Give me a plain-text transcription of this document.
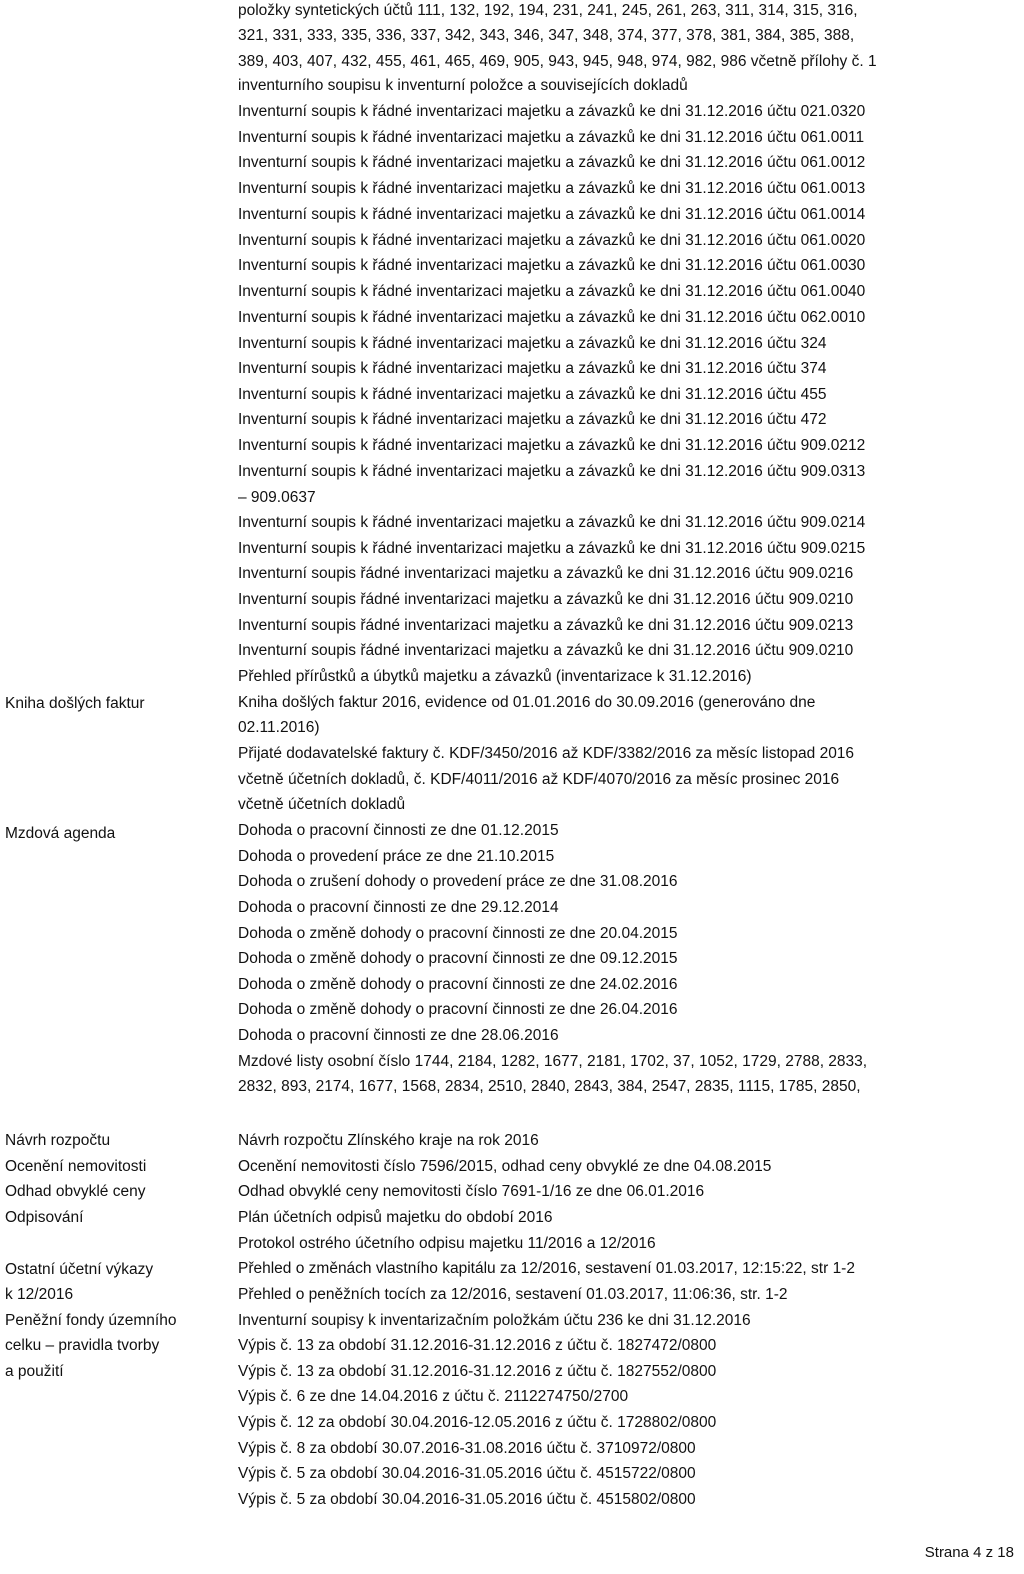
Kniha došlých faktur
Mzdová agenda
Návrh rozpočtu
Ocenění nemovitosti
Odhad obvyklé ceny
Odpisování
Ostatní účetní výkazy
k 12/2016
Peněžní fondy územního
celku – pravidla tvorby
a použití
položky syntetických účtů 111, 132, 192, 194, 231, 241, 245, 261, 263, 311, 314, 315, 316,
321, 331, 333, 335, 336, 337, 342, 343, 346, 347, 348, 374, 377, 378, 381, 384, 385, 388,
389, 403, 407, 432, 455, 461, 465, 469, 905, 943, 945, 948, 974, 982, 986 včetně přílohy č. 1
inventurního soupisu k inventurní položce a souvisejících dokladů
Inventurní soupis k řádné inventarizaci majetku a závazků ke dni 31.12.2016 účtu 021.0320
Inventurní soupis k řádné inventarizaci majetku a závazků ke dni 31.12.2016 účtu 061.0011
Inventurní soupis k řádné inventarizaci majetku a závazků ke dni 31.12.2016 účtu 061.0012
Inventurní soupis k řádné inventarizaci majetku a závazků ke dni 31.12.2016 účtu 061.0013
Inventurní soupis k řádné inventarizaci majetku a závazků ke dni 31.12.2016 účtu 061.0014
Inventurní soupis k řádné inventarizaci majetku a závazků ke dni 31.12.2016 účtu 061.0020
Inventurní soupis k řádné inventarizaci majetku a závazků ke dni 31.12.2016 účtu 061.0030
Inventurní soupis k řádné inventarizaci majetku a závazků ke dni 31.12.2016 účtu 061.0040
Inventurní soupis k řádné inventarizaci majetku a závazků ke dni 31.12.2016 účtu 062.0010
Inventurní soupis k řádné inventarizaci majetku a závazků ke dni 31.12.2016 účtu 324
Inventurní soupis k řádné inventarizaci majetku a závazků ke dni 31.12.2016 účtu 374
Inventurní soupis k řádné inventarizaci majetku a závazků ke dni 31.12.2016 účtu 455
Inventurní soupis k řádné inventarizaci majetku a závazků ke dni 31.12.2016 účtu 472
Inventurní soupis k řádné inventarizaci majetku a závazků ke dni 31.12.2016 účtu 909.0212
Inventurní soupis k řádné inventarizaci majetku a závazků ke dni 31.12.2016 účtu 909.0313
– 909.0637
Inventurní soupis k řádné inventarizaci majetku a závazků ke dni 31.12.2016 účtu 909.0214
Inventurní soupis k řádné inventarizaci majetku a závazků ke dni 31.12.2016 účtu 909.0215
Inventurní soupis řádné inventarizaci majetku a závazků ke dni 31.12.2016 účtu 909.0216
Inventurní soupis řádné inventarizaci majetku a závazků ke dni 31.12.2016 účtu 909.0210
Inventurní soupis řádné inventarizaci majetku a závazků ke dni 31.12.2016 účtu 909.0213
Inventurní soupis řádné inventarizaci majetku a závazků ke dni 31.12.2016 účtu 909.0210
Přehled přírůstků a úbytků majetku a závazků (inventarizace k 31.12.2016)
Kniha došlých faktur 2016, evidence od 01.01.2016 do 30.09.2016 (generováno dne
02.11.2016)
Přijaté dodavatelské faktury č. KDF/3450/2016 až KDF/3382/2016 za měsíc listopad 2016
včetně účetních dokladů, č. KDF/4011/2016 až KDF/4070/2016 za měsíc prosinec 2016
včetně účetních dokladů
Dohoda o pracovní činnosti ze dne 01.12.2015
Dohoda o provedení práce ze dne 21.10.2015
Dohoda o zrušení dohody o provedení práce ze dne 31.08.2016
Dohoda o pracovní činnosti ze dne 29.12.2014
Dohoda o změně dohody o pracovní činnosti ze dne 20.04.2015
Dohoda o změně dohody o pracovní činnosti ze dne 09.12.2015
Dohoda o změně dohody o pracovní činnosti ze dne 24.02.2016
Dohoda o změně dohody o pracovní činnosti ze dne 26.04.2016
Dohoda o pracovní činnosti ze dne 28.06.2016
Mzdové listy osobní číslo 1744, 2184, 1282, 1677, 2181, 1702, 37, 1052, 1729, 2788, 2833,
2832, 893, 2174, 1677, 1568, 2834, 2510, 2840, 2843, 384, 2547, 2835, 1115, 1785, 2850,
Návrh rozpočtu Zlínského kraje na rok 2016
Ocenění nemovitosti číslo 7596/2015, odhad ceny obvyklé ze dne 04.08.2015
Odhad obvyklé ceny nemovitosti číslo 7691-1/16 ze dne 06.01.2016
Plán účetních odpisů majetku do období 2016
Protokol ostrého účetního odpisu majetku 11/2016 a 12/2016
Přehled o změnách vlastního kapitálu za 12/2016, sestavení 01.03.2017, 12:15:22, str 1-2
Přehled o peněžních tocích za 12/2016, sestavení 01.03.2017, 11:06:36, str. 1-2
Inventurní soupisy k inventarizačním položkám účtu 236 ke dni 31.12.2016
Výpis č. 13 za období 31.12.2016-31.12.2016 z účtu č. 1827472/0800
Výpis č. 13 za období 31.12.2016-31.12.2016 z účtu č. 1827552/0800
Výpis č. 6 ze dne 14.04.2016 z účtu č. 2112274750/2700
Výpis č. 12 za období 30.04.2016-12.05.2016 z účtu č. 1728802/0800
Výpis č. 8 za období 30.07.2016-31.08.2016 účtu č. 3710972/0800
Výpis č. 5 za období 30.04.2016-31.05.2016 účtu č. 4515722/0800
Výpis č. 5 za období 30.04.2016-31.05.2016 účtu č. 4515802/0800
Strana 4 z 18
